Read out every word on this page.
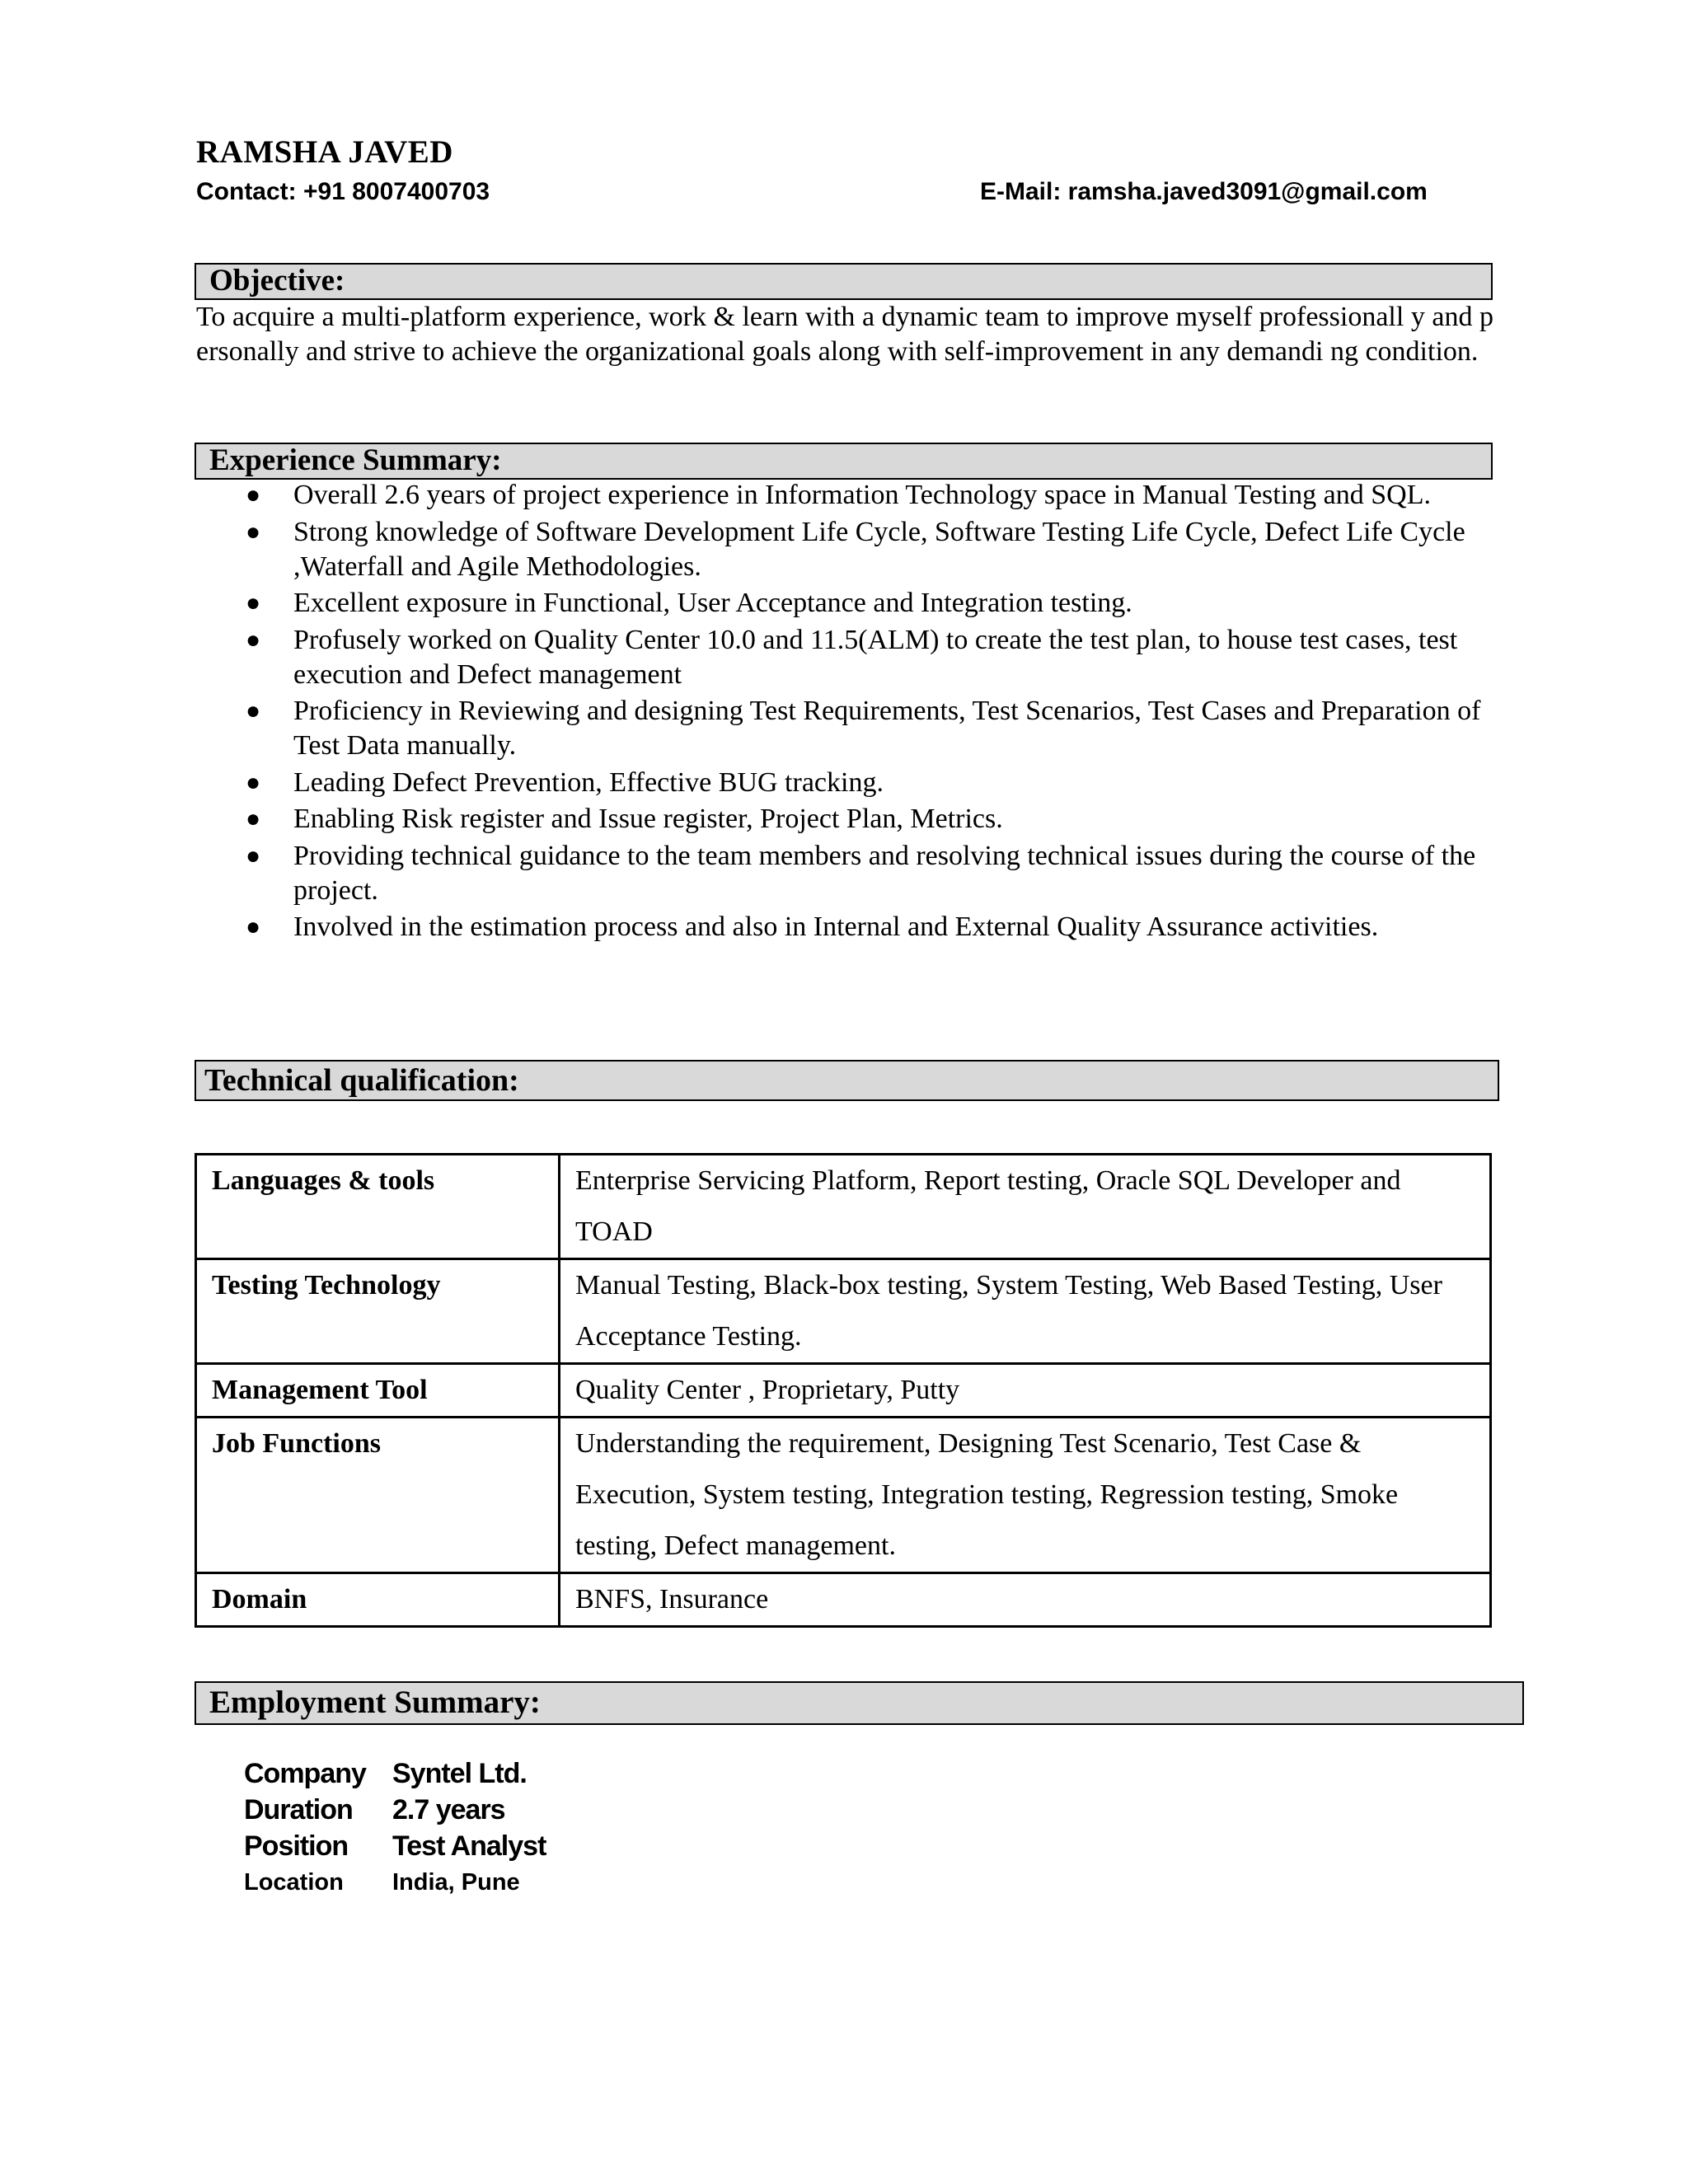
RAMSHA JAVED
Contact: +91 8007400703	E-Mail: ramsha.javed3091@gmail.com
Objective:

To acquire a multi-platform experience, work & learn with a dynamic team to improve myself professionall y and personally and strive to achieve the organizational goals along with self-improvement in any demandi ng condition.

Experience Summary:
● Overall 2.6 years of project experience in Information Technology space in Manual Testing and SQL.
● Strong knowledge of Software Development Life Cycle, Software Testing Life Cycle, Defect Life Cycle ,Waterfall and Agile Methodologies.
● Excellent exposure in Functional, User Acceptance and Integration testing.
● Profusely worked on Quality Center 10.0 and 11.5(ALM) to create the test plan, to house test cases, test execution and Defect management
● Proficiency in Reviewing and designing Test Requirements, Test Scenarios, Test Cases and Preparation of Test Data manually.
● Leading Defect Prevention, Effective BUG tracking.
● Enabling Risk register and Issue register, Project Plan, Metrics.
● Providing technical guidance to the team members and resolving technical issues during the course of the project.
● Involved in the estimation process and also in Internal and External Quality Assurance activities.
Technical qualification:
Languages & tools	Enterprise Servicing Platform, Report testing, Oracle SQL Developer and TOAD
Testing Technology	Manual Testing, Black-box testing, System Testing, Web Based Testing, User Acceptance Testing.
Management Tool	Quality Center , Proprietary, Putty
Job Functions	Understanding the requirement, Designing Test Scenario, Test Case & Execution, System testing, Integration testing, Regression testing, Smoke testing, Defect management.
Domain	BNFS, Insurance
Employment Summary:
Company Syntel Ltd.
Duration	2.7 years
Position	Test Analyst
Location	India, Pune
